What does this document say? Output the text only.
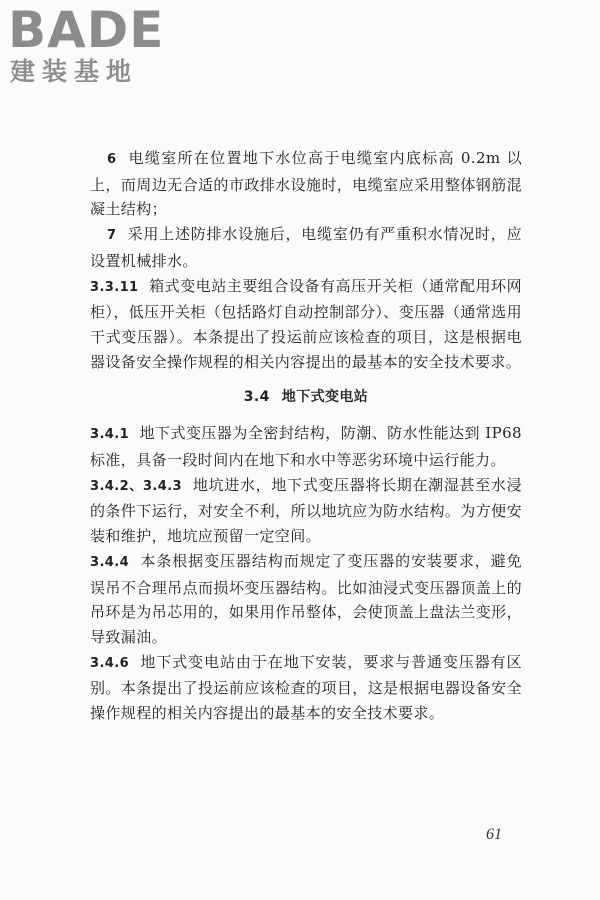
BADE
建装基地

6 电缆室所在位置地下水位高于电缆室内底标高 0.2m 以上，而周边无合适的市政排水设施时，电缆室应采用整体钢筋混凝土结构；

7 采用上述防排水设施后，电缆室仍有严重积水情况时，应设置机械排水。

3.3.11 箱式变电站主要组合设备有高压开关柜（通常配用环网柜），低压开关柜（包括路灯自动控制部分）、变压器（通常选用干式变压器）。本条提出了投运前应该检查的项目，这是根据电器设备安全操作规程的相关内容提出的最基本的安全技术要求。

3.4 地下式变电站

3.4.1 地下式变压器为全密封结构，防潮、防水性能达到 IP68 标准，具备一段时间内在地下和水中等恶劣环境中运行能力。

3.4.2、3.4.3 地坑进水，地下式变压器将长期在潮湿甚至水浸的条件下运行，对安全不利，所以地坑应为防水结构。为方便安装和维护，地坑应预留一定空间。

3.4.4 本条根据变压器结构而规定了变压器的安装要求，避免误吊不合理吊点而损坏变压器结构。比如油浸式变压器顶盖上的吊环是为吊芯用的，如果用作吊整体，会使顶盖上盘法兰变形，导致漏油。

3.4.6 地下式变电站由于在地下安装，要求与普通变压器有区别。本条提出了投运前应该检查的项目，这是根据电器设备安全操作规程的相关内容提出的最基本的安全技术要求。

61
